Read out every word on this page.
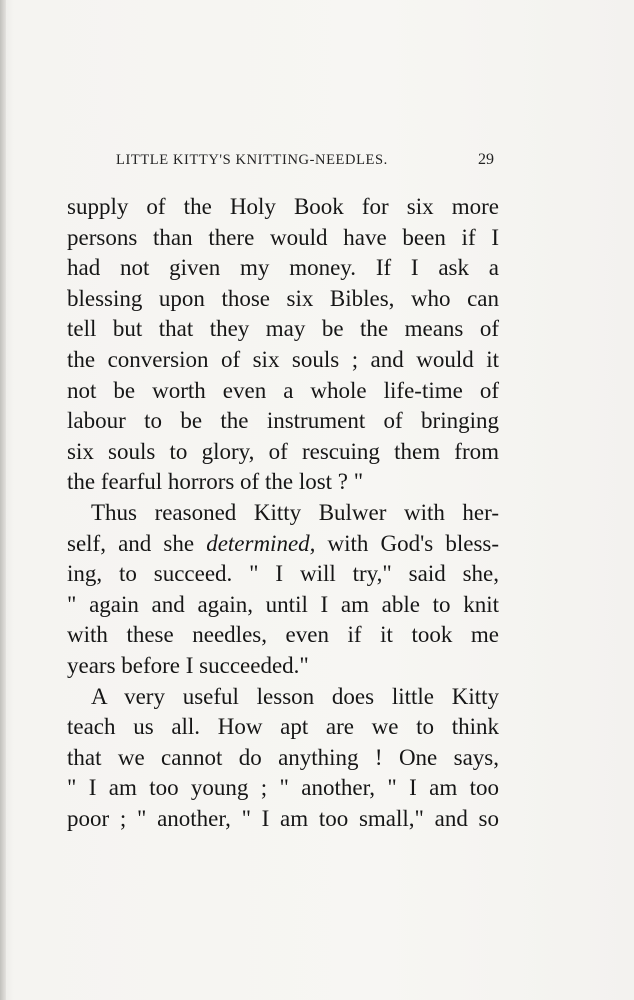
LITTLE KITTY'S KNITTING-NEEDLES.	29
supply of the Holy Book for six more
persons than there would have been if I
had not given my money. If I ask a
blessing upon those six Bibles, who can
tell but that they may be the means of
the conversion of six souls ; and would it
not be worth even a whole life-time of
labour to be the instrument of bringing
six souls to glory, of rescuing them from
the fearful horrors of the lost ? "
Thus reasoned Kitty Bulwer with her-
self, and she determined, with God's bless-
ing, to succeed. " I will try," said she,
" again and again, until I am able to knit
with these needles, even if it took me
years before I succeeded."
A very useful lesson does little Kitty
teach us all. How apt are we to think
that we cannot do anything ! One says,
" I am too young ; " another, " I am too
poor ; " another, " I am too small," and so
